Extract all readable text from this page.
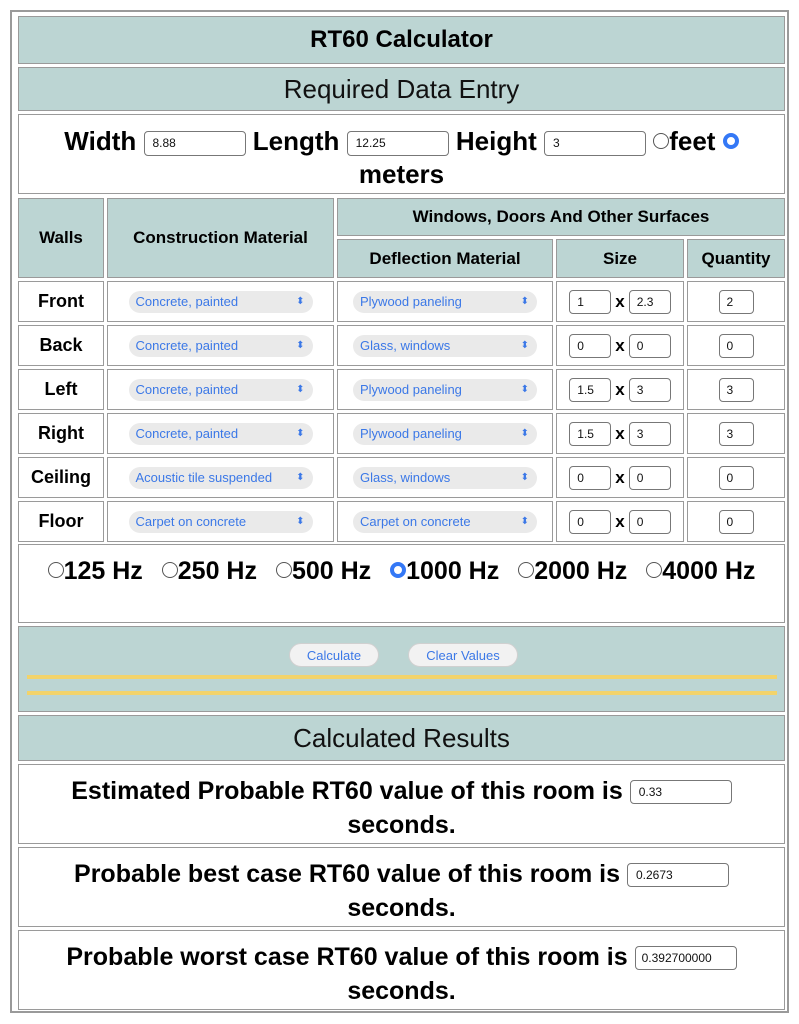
RT60 Calculator
Required Data Entry
Width 8.88	Length 12.25	Height 3	feet
meters
Walls	Construction Material
Windows, Doors And Other Surfaces
Deflection Material	Size	Quantity
Front	Concrete, painted	⬍	Plywood paneling	⬍	1	x	2.3	2
Back	Concrete, painted	⬍	Glass, windows	⬍	0	x	0	0
Left	Concrete, painted	⬍	Plywood paneling	⬍	1.5	x	3	3
Right	Concrete, painted	⬍	Plywood paneling	⬍	1.5	x	3	3
Ceiling	Acoustic tile suspended ⬍	Glass, windows	⬍	0	x	0	0
Floor	Carpet on concrete	⬍	Carpet on concrete	⬍	0	x	0	0
125 Hz 250 Hz 500 Hz 1000 Hz 2000 Hz 4000 Hz
Calculate	Clear Values
Calculated Results
Estimated Probable RT60 value of this room is 0.33
seconds.
Probable best case RT60 value of this room is 0.2673
seconds.
Probable worst case RT60 value of this room is 0.392700000
seconds.
